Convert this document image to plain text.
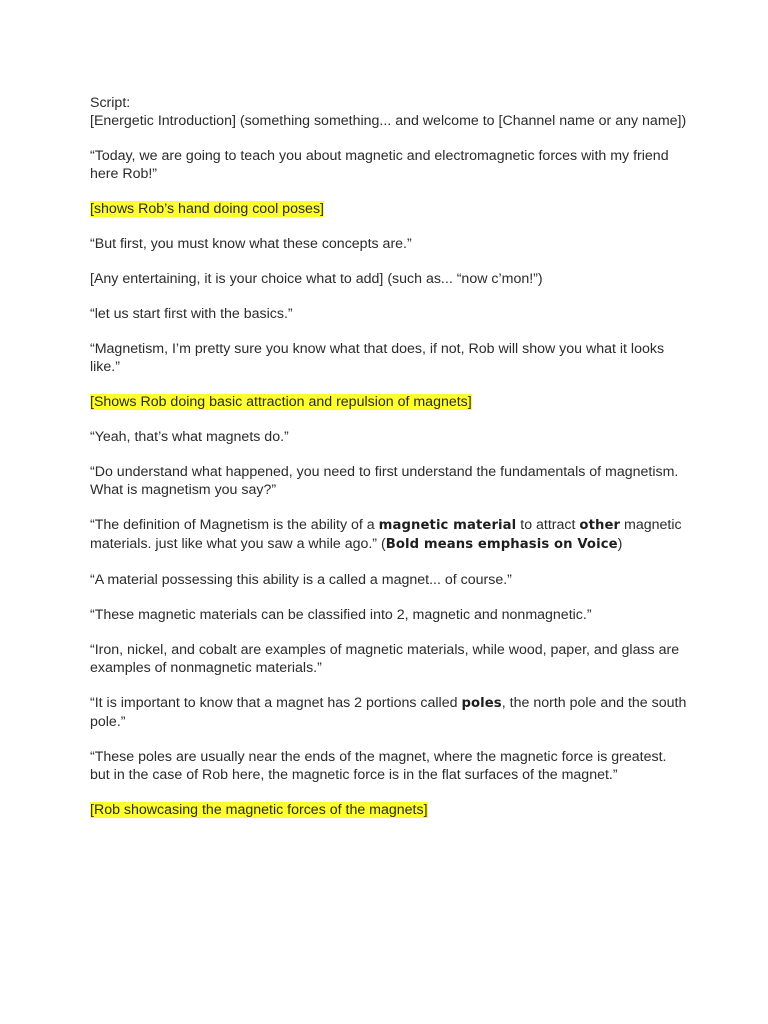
Script:
[Energetic Introduction] (something something... and welcome to [Channel name or any name])

“Today, we are going to teach you about magnetic and electromagnetic forces with my friend here Rob!”

[shows Rob’s hand doing cool poses]

“But first, you must know what these concepts are.”

[Any entertaining, it is your choice what to add] (such as... “now c’mon!”)

“let us start first with the basics.”

“Magnetism, I’m pretty sure you know what that does, if not, Rob will show you what it looks like.”

[Shows Rob doing basic attraction and repulsion of magnets]

“Yeah, that’s what magnets do.”

“Do understand what happened, you need to first understand the fundamentals of magnetism. What is magnetism you say?”

“The definition of Magnetism is the ability of a magnetic material to attract other magnetic materials. just like what you saw a while ago.” (Bold means emphasis on Voice)

“A material possessing this ability is a called a magnet... of course.”

“These magnetic materials can be classified into 2, magnetic and nonmagnetic.”

“Iron, nickel, and cobalt are examples of magnetic materials, while wood, paper, and glass are examples of nonmagnetic materials.”

“It is important to know that a magnet has 2 portions called poles, the north pole and the south pole.”

“These poles are usually near the ends of the magnet, where the magnetic force is greatest. but in the case of Rob here, the magnetic force is in the flat surfaces of the magnet.”

[Rob showcasing the magnetic forces of the magnets]
